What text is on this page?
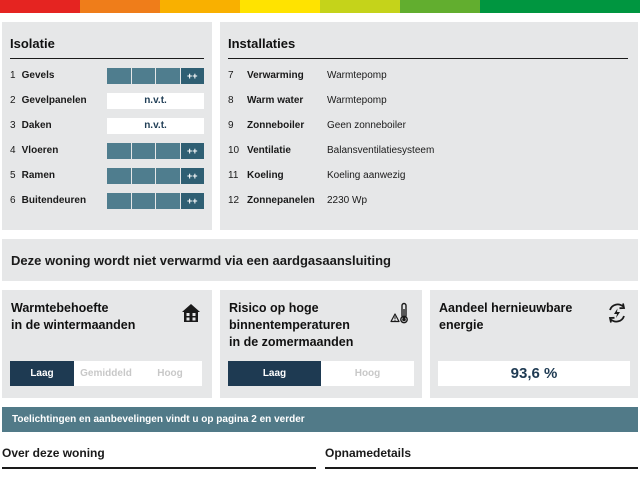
Isolatie
1 Gevels	++
2 Gevelpanelen	n.v.t.
3 Daken	n.v.t.
4 Vloeren	++
5 Ramen	++
6 Buitendeuren	++
Installaties
7	Verwarming	Warmtepomp
8	Warm water	Warmtepomp
9	Zonneboiler	Geen zonneboiler
10 Ventilatie	Balansventilatiesysteem
11 Koeling	Koeling aanwezig
12 Zonnepanelen	2230 Wp
Deze woning wordt niet verwarmd via een aardgasaansluiting
Warmtebehoefte
in de wintermaanden
Laag	Gemiddeld	Hoog
Risico op hoge
binnentemperaturen
in de zomermaanden
Laag	Hoog
Aandeel hernieuwbare
energie
93,6 %
Toelichtingen en aanbevelingen vindt u op pagina 2 en verder
Over deze woning	Opnamedetails
